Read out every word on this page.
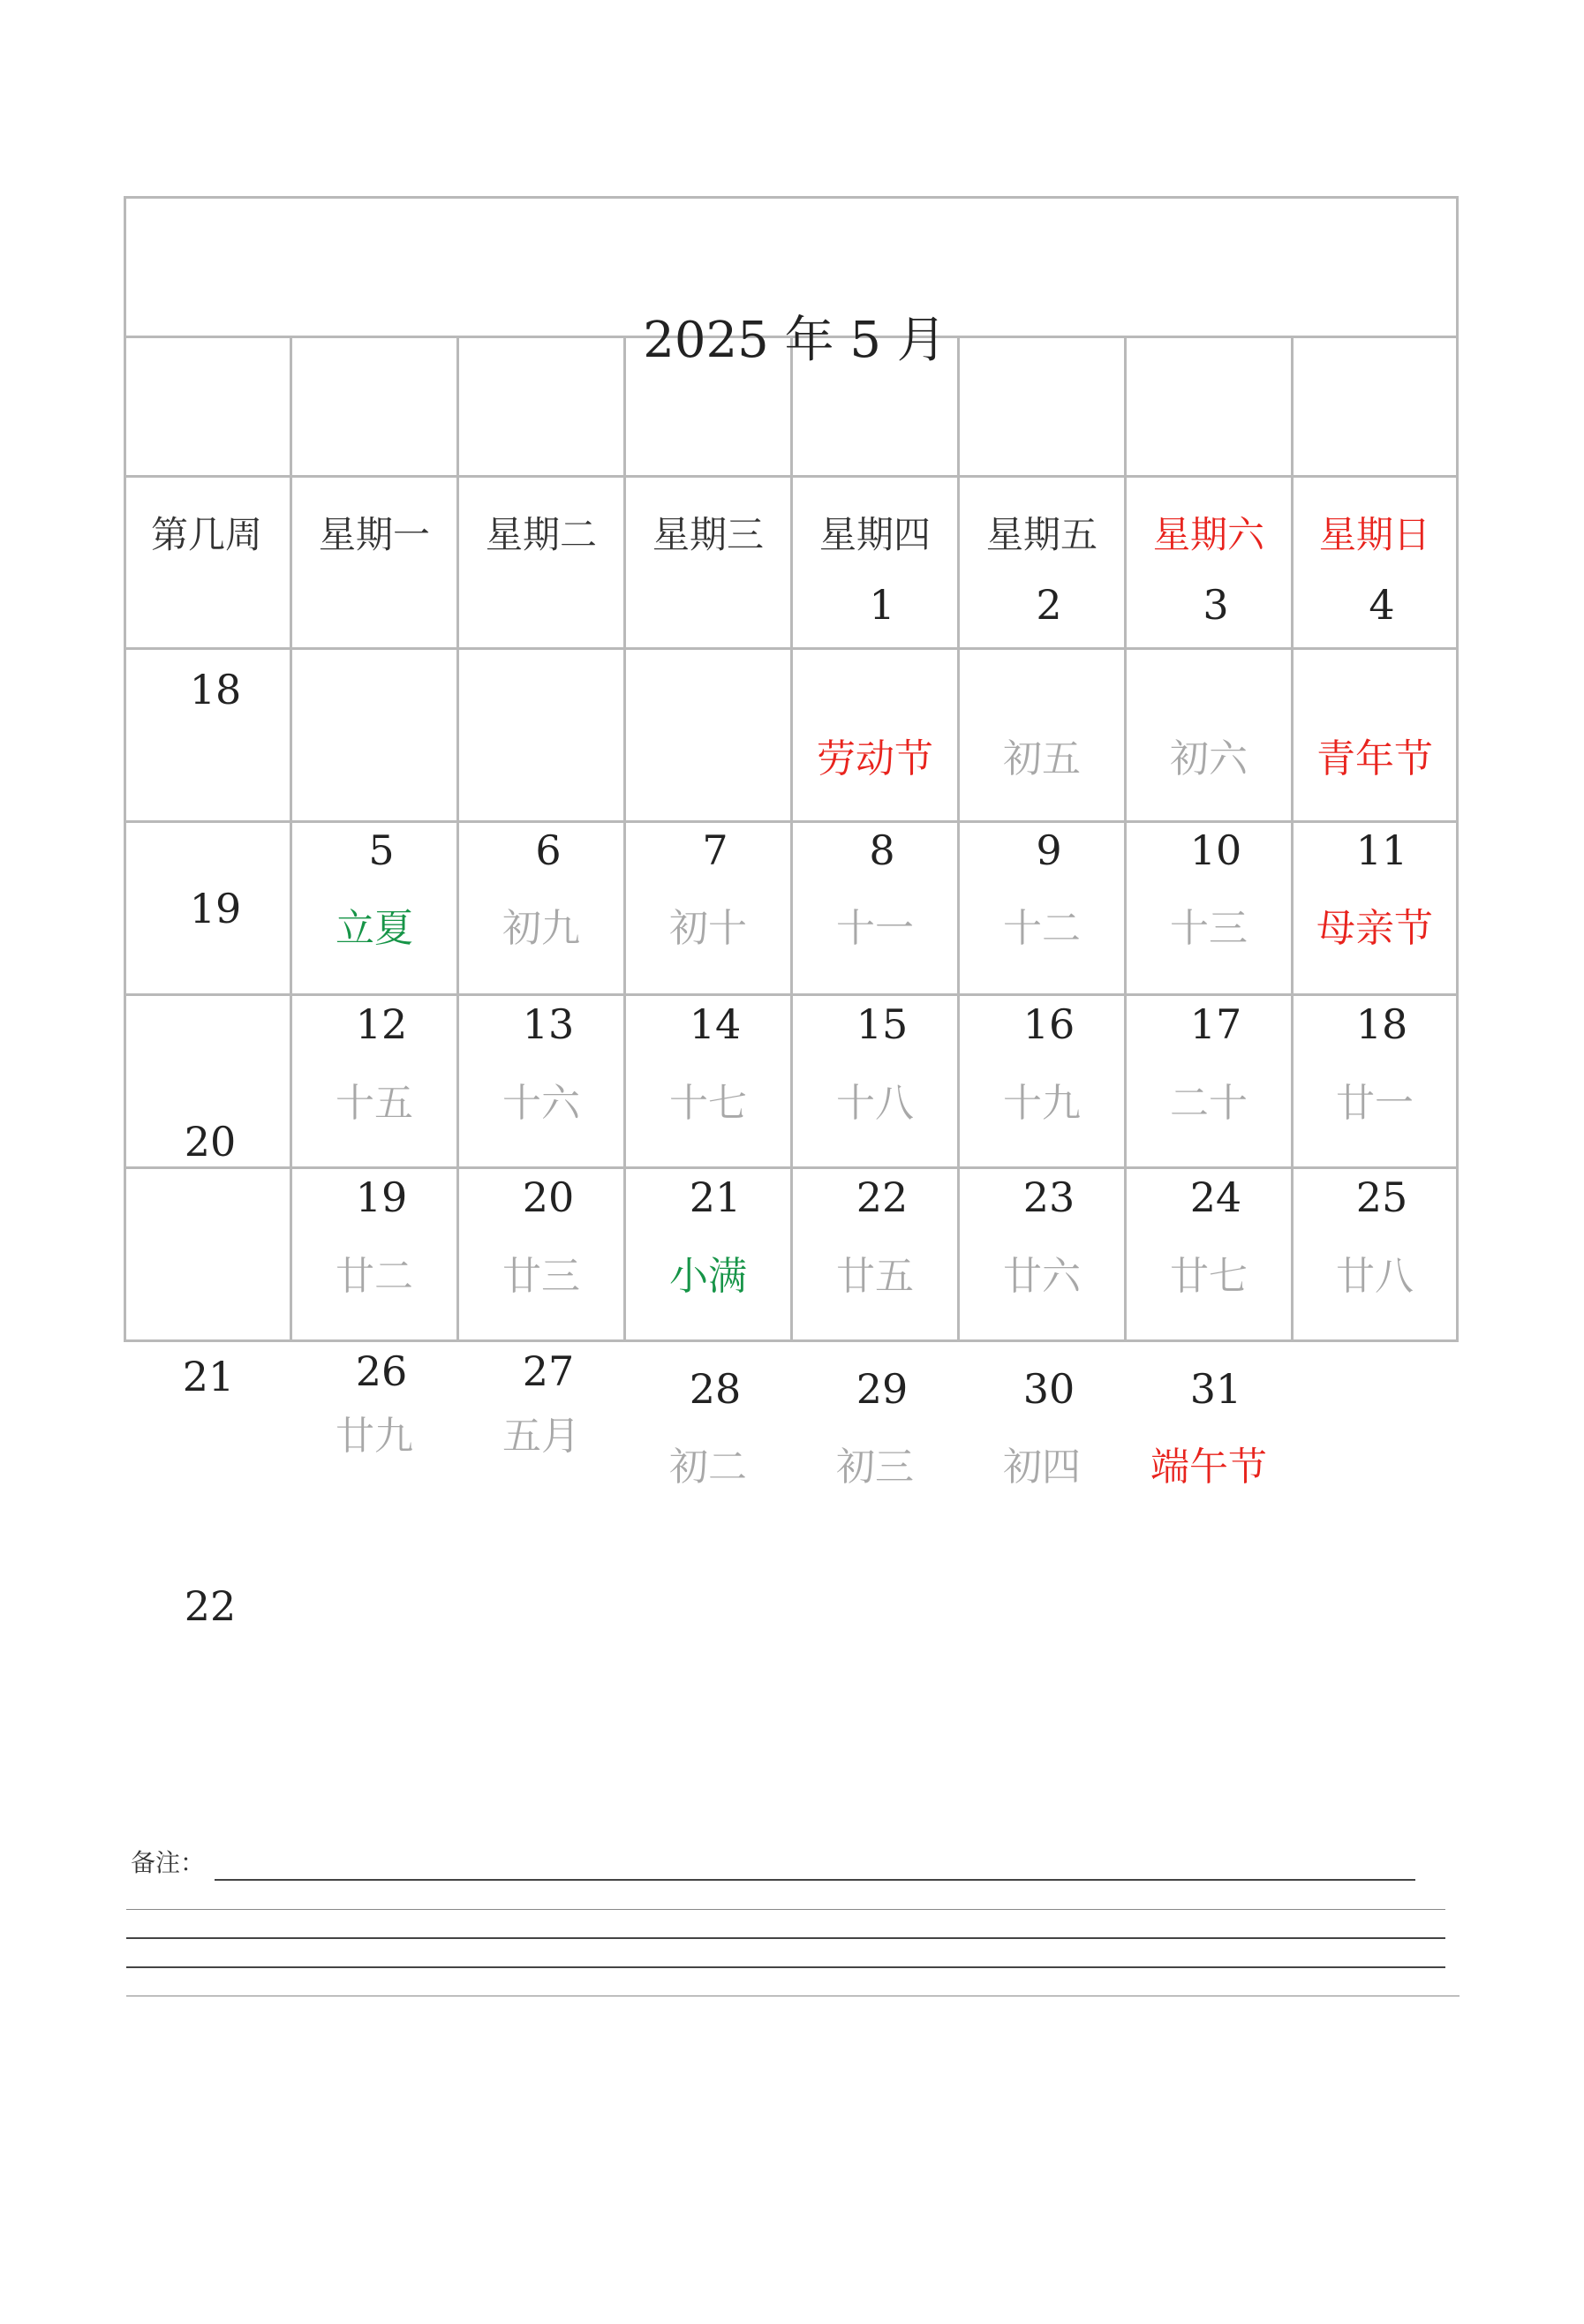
2025 年 5 月
第几周 星期一 星期二 星期三 星期四 星期五 星期六 星期日
18
19
20
21
22
1
劳动节
2
初五
3
初六
4
青年节
5
立夏
6
初九
7
初十
8
十一
9
十二
10
十三
11
母亲节
12
十五
13
十六
14
十七
15
十八
16
十九
17
二十
18
廿一
19
廿二
20
廿三
21
小满
22
廿五
23
廿六
24
廿七
25
廿八
26
廿九
27
五月
28
初二
29
初三
30
初四
31
端午节
备注：
